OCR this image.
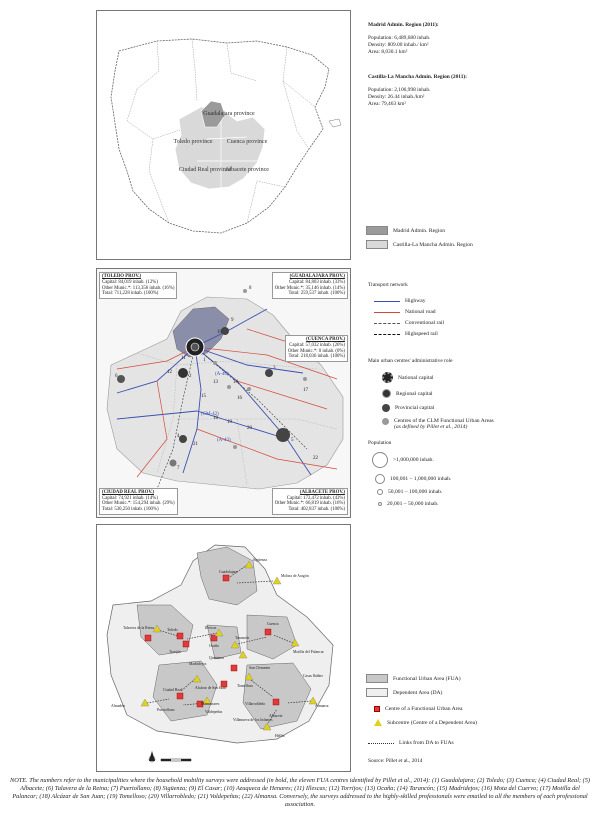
Guadalajara province
Toledo province Cuenca province
Ciudad Real province
Albacete province
Madrid Admin. Region (2011):
Population: 6,489,680 inhab.
Density: 809.00 inhab./ km²
Area: 8,030.1 km²
Castilla-La Mancha Admin. Region (2011):
Population: 2,106,998 inhab.
Density: 26.44 inhab./km²
Area: 79,463 km²
Madrid Admin. Region
Castilla-La Mancha Admin. Region
(A-40)
(CM-42)
(A-43)
1
2
3
4
5
6
7
8
9
10
11
12
13	14
15	16
17
18
19
20
21
22
(TOLEDO PROV.)
Capital: 84,019 inhab. (12%)
Other Munic.*: 113,356 inhab. (16%)
Total: 711,228 inhab. (100%)
(GUADALAJARA PROV.)
Capital: 84,803 inhab. (33%)
Other Munic.*: 35,146 inhab. (14%)
Total: 259,537 inhab. (100%)
(CUENCA PROV.)
Capital: 57,032 inhab. (26%)
Other Munic.*: 0 inhab. (0%)
Total: 218,036 inhab. (100%)
(CIUDAD REAL PROV.)
Capital: 74,921 inhab. (14%)
Other Munic.*: 154,294 inhab. (29%)
Total: 530,250 inhab. (100%)
(ALBACETE PROV.)
Capital: 172,472 inhab. (43%)
Other Munic.*: 66,819 inhab. (16%)
Total: 402,837 inhab. (100%)
Transport network
Highway
National road
Conventional rail
Highspeed rail
Main urban centres' administrative role
National capital
Regional capital
Provincial capital
Centres of the CLM Functional Urban Areas
(as defined by Pillet et al., 2014)
Population
>1,000,000 inhab.
100,001 – 1,000,000 inhab.
50,001 – 100,000 inhab.
20,001 – 50,000 inhab.
Sigüenza
Molina de Aragón
Guadalajara
Talavera de la Reina	Toledo
Cuenca
Illescas
Torrijós
Ocaña
Tarancón
Quintanar
Madridejos
San Clemente
Motilla del Palancar
Alcázar de San Juan
Casas Ibáñez
Ciudad Real
Tomelloso
Villarrobledo
Albacete
Almansa
Almadén
Puertollano	Valdepeñas
Villanueva de los Infantes
Hellín
Manzanares
Functional Urban Area (FUA)
Dependent Area (DA)
Centre of a Functional Urban Area
Subcentre (Centre of a Dependent Area)
Links from DA to FUAs
Source: Pillet et al., 2014
NOTE. The numbers refer to the municipalities where the household mobility surveys were addressed (in bold, the eleven FUA centres identified by Pillet et al., 2014): (1) Guadalajara; (2) Toledo; (3) Cuenca; (4) Ciudad Real; (5) Albacete; (6) Talavera de la Reina; (7) Puertollano; (8) Sigüenza; (9) El Casar; (10) Azuqueca de Henares; (11) Illescas; (12) Torrijos; (13) Ocaña; (14) Tarancón; (15) Madridejos; (16) Mota del Cuervo; (17) Motilla del Palancar; (18) Alcázar de San Juan; (19) Tomelloso; (20) Villarrobledo; (21) Valdepeñas; (22) Almansa. Conversely, the surveys addressed to the highly-skilled professionals were emailed to all the members of each professional association.
